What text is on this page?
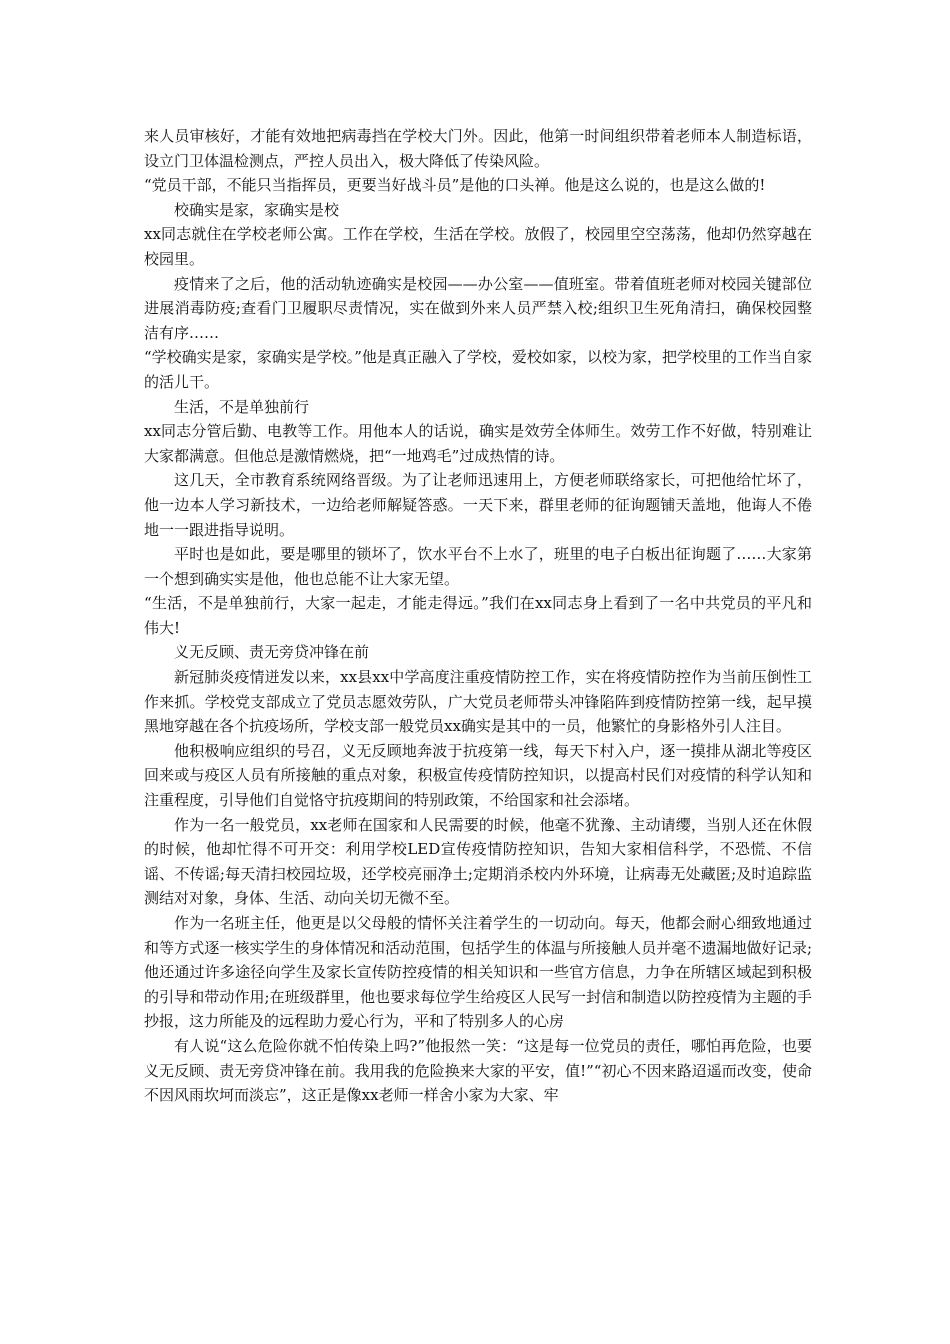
来人员审核好，才能有效地把病毒挡在学校大门外。因此，他第一时间组织带着老师本人制造标语，设立门卫体温检测点，严控人员出入，极大降低了传染风险。

“党员干部，不能只当指挥员，更要当好战斗员”是他的口头禅。他是这么说的，也是这么做的!

校确实是家，家确实是校

xx同志就住在学校老师公寓。工作在学校，生活在学校。放假了，校园里空空荡荡，他却仍然穿越在校园里。

疫情来了之后，他的活动轨迹确实是校园——办公室——值班室。带着值班老师对校园关键部位进展消毒防疫;查看门卫履职尽责情况，实在做到外来人员严禁入校;组织卫生死角清扫，确保校园整洁有序……

“学校确实是家，家确实是学校。”他是真正融入了学校，爱校如家，以校为家，把学校里的工作当自家的活儿干。

生活，不是单独前行

xx同志分管后勤、电教等工作。用他本人的话说，确实是效劳全体师生。效劳工作不好做，特别难让大家都满意。但他总是激情燃烧，把“一地鸡毛”过成热情的诗。

这几天，全市教育系统网络晋级。为了让老师迅速用上，方便老师联络家长，可把他给忙坏了，他一边本人学习新技术，一边给老师解疑答惑。一天下来，群里老师的征询题铺天盖地，他诲人不倦地一一跟进指导说明。

平时也是如此，要是哪里的锁坏了，饮水平台不上水了，班里的电子白板出征询题了……大家第一个想到确实实是他，他也总能不让大家无望。

“生活，不是单独前行，大家一起走，才能走得远。”我们在xx同志身上看到了一名中共党员的平凡和伟大!

义无反顾、责无旁贷冲锋在前

新冠肺炎疫情迸发以来，xx县xx中学高度注重疫情防控工作，实在将疫情防控作为当前压倒性工作来抓。学校党支部成立了党员志愿效劳队，广大党员老师带头冲锋陷阵到疫情防控第一线，起早摸黑地穿越在各个抗疫场所，学校支部一般党员xx确实是其中的一员，他繁忙的身影格外引人注目。

他积极响应组织的号召，义无反顾地奔波于抗疫第一线，每天下村入户，逐一摸排从湖北等疫区回来或与疫区人员有所接触的重点对象，积极宣传疫情防控知识，以提高村民们对疫情的科学认知和注重程度，引导他们自觉恪守抗疫期间的特别政策，不给国家和社会添堵。

作为一名一般党员，xx老师在国家和人民需要的时候，他毫不犹豫、主动请缨，当别人还在休假的时候，他却忙得不可开交：利用学校LED宣传疫情防控知识，告知大家相信科学，不恐慌、不信谣、不传谣;每天清扫校园垃圾，还学校亮丽净土;定期消杀校内外环境，让病毒无处藏匿;及时追踪监测结对对象，身体、生活、动向关切无微不至。

作为一名班主任，他更是以父母般的情怀关注着学生的一切动向。每天，他都会耐心细致地通过和等方式逐一核实学生的身体情况和活动范围，包括学生的体温与所接触人员并毫不遗漏地做好记录;他还通过许多途径向学生及家长宣传防控疫情的相关知识和一些官方信息，力争在所辖区域起到积极的引导和带动作用;在班级群里，他也要求每位学生给疫区人民写一封信和制造以防控疫情为主题的手抄报，这力所能及的远程助力爱心行为，平和了特别多人的心房

有人说“这么危险你就不怕传染上吗?”他报然一笑：“这是每一位党员的责任，哪怕再危险，也要义无反顾、责无旁贷冲锋在前。我用我的危险换来大家的平安，值!”“初心不因来路迢遥而改变，使命不因风雨坎坷而淡忘”，这正是像xx老师一样舍小家为大家、牢
